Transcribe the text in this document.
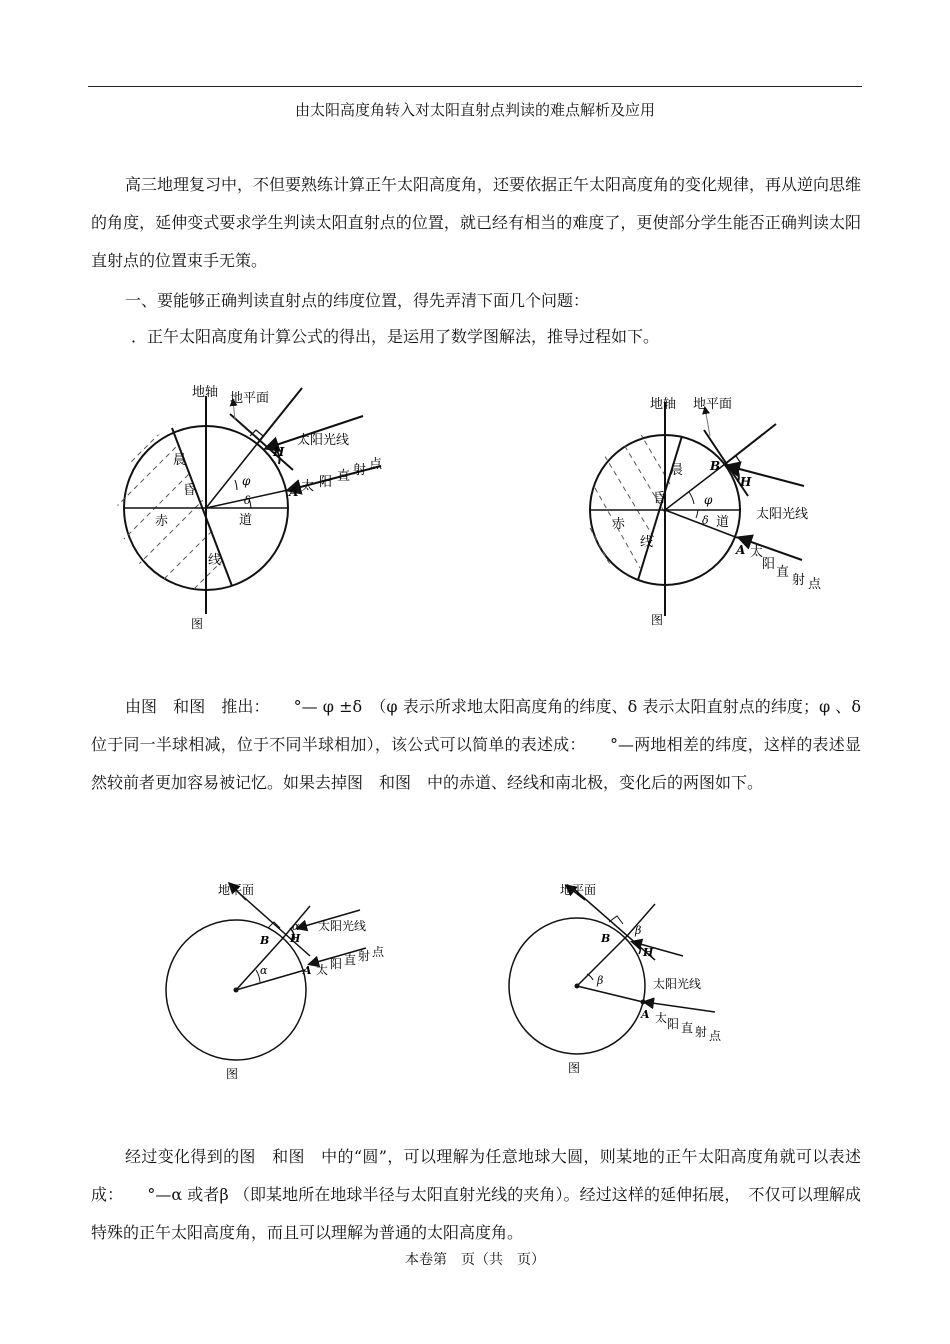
由太阳高度角转入对太阳直射点判读的难点解析及应用

高三地理复习中，不但要熟练计算正午太阳高度角，还要依据正午太阳高度角的变化规律，再从逆向思维的角度，延伸变式要求学生判读太阳直射点的位置，就已经有相当的难度了，更使部分学生能否正确判读太阳直射点的位置束手无策。

一、要能够正确判读直射点的纬度位置，得先弄清下面几个问题：

．正午太阳高度角计算公式的得出，是运用了数学图解法，推导过程如下。

地轴 地平面
太阳光线
H
A 太 阳 直 射 点
φ
δ
晨
昏
赤	道
线
图
地轴 地平面
太阳光线
B
H
A 太
阳
直
射 点
φ
δ
晨
昏
赤	道
线
图

由图　和图　推出：　　°— φ ±δ　（φ 表示所求地太阳高度角的纬度、δ 表示太阳直射点的纬度；φ 、δ 位于同一半球相减，位于不同半球相加），该公式可以简单的表述成：　　°—两地相差的纬度，这样的表述显然较前者更加容易被记忆。如果去掉图　和图　中的赤道、经线和南北极，变化后的两图如下。

地平面
太阳光线
B H
α
α	A 太 阳 直 射 点
图
地平面
太阳光线
B
β
H
β
A 太 阳 直 射 点
图

经过变化得到的图　和图　中的“圆”，可以理解为任意地球大圆，则某地的正午太阳高度角就可以表述成：　　°—α 或者β （即某地所在地球半径与太阳直射光线的夹角）。经过这样的延伸拓展，　不仅可以理解成特殊的正午太阳高度角，而且可以理解为普通的太阳高度角。

本卷第　页（共　页）
